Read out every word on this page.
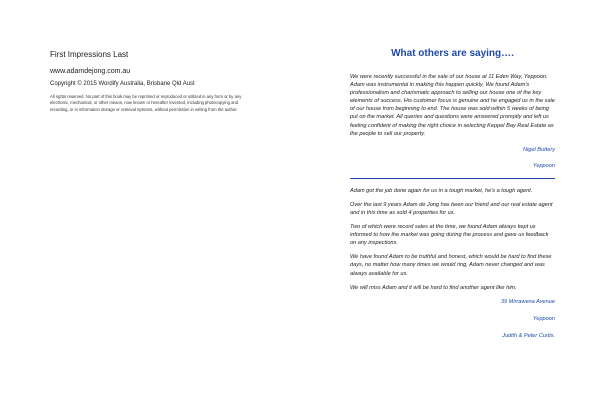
First Impressions Last

www.adamdejong.com.au

Copyright © 2015 Wordify Australia, Brisbane Qld Aust

All rights reserved. No part of this book may be reprinted or reproduced or utilized in any form or by any electronic, mechanical, or other means, now known or hereafter invented, including photocopying and recording, or in information storage or retrieval systems, without permission in writing from the author.

What others are saying….

We were recently successful in the sale of our house at 11 Eden Way, Yeppoon. Adam was instrumental in making this happen quickly. We found Adam's professionalism and charismatic approach to selling our house one of the key elements of success. His customer focus is genuine and he engaged us in the sale of our house from beginning to end. The house was sold within 5 weeks of being put on the market. All queries and questions were answered promptly and left us feeling confident of making the right choice in selecting Keppel Bay Real Estate as the people to sell our property.

Nigel Buttery

Yeppoon

Adam got the job done again for us in a tough market, he's a tough agent.

Over the last 9 years Adam de Jong has been our friend and our real estate agent and in this time as sold 4 properties for us.

Two of which were record sales at the time, we found Adam always kept us informed to how the market was going during the process and gave us feedback on any inspections.

We have found Adam to be truthful and honest, which would be hard to find these days, no matter how many times we would ring, Adam never changed and was always available for us.

We will miss Adam and it will be hard to find another agent like him.

39 Mirrawena Avenue

Yeppoon

Judith & Peter Curtis.
